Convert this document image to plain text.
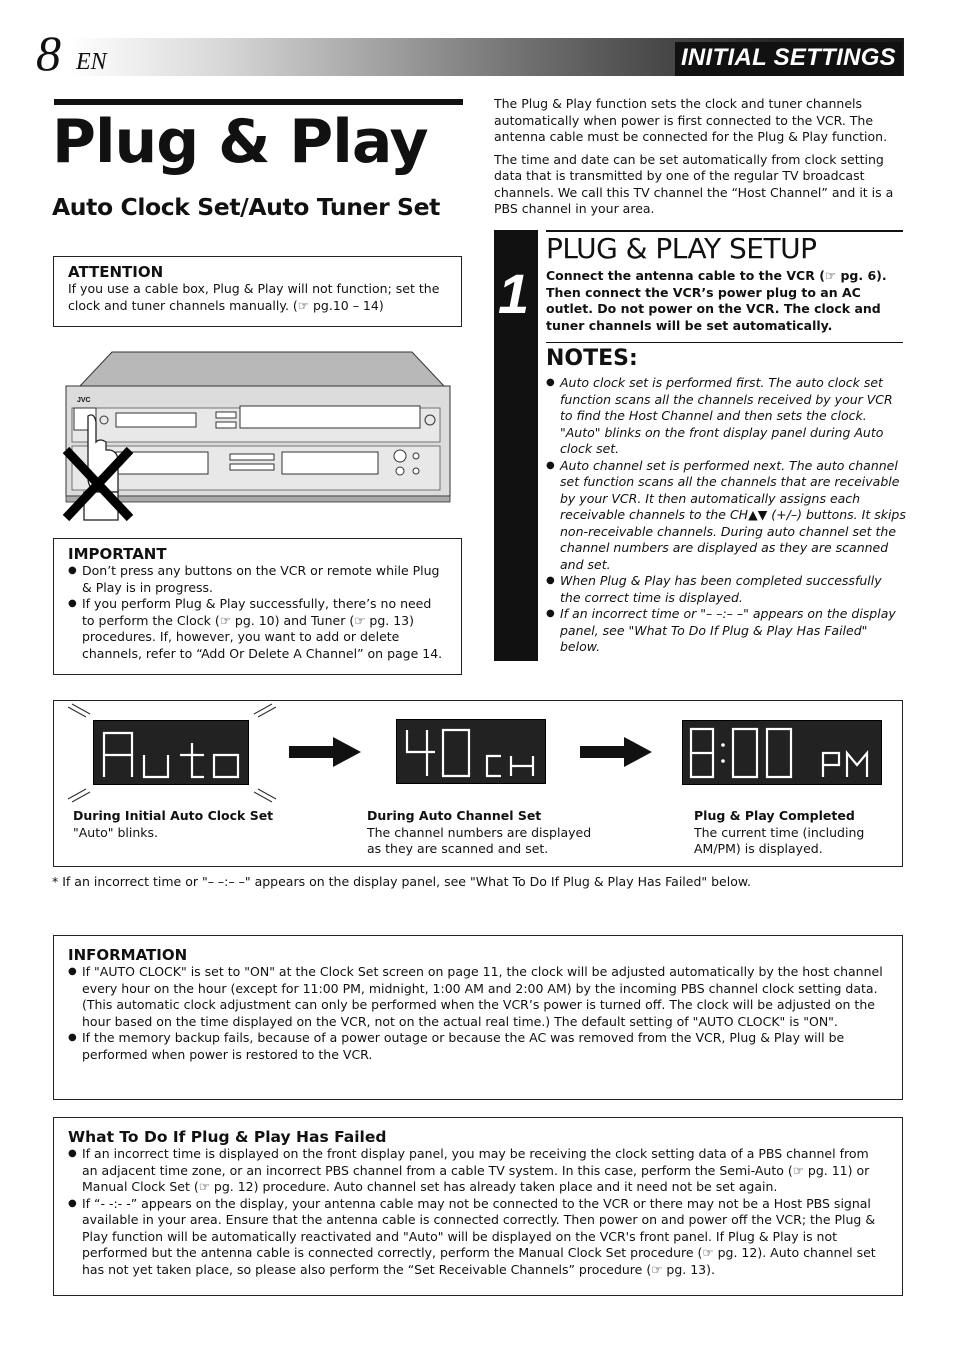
8 EN	INITIAL SETTINGS
Plug & Play
Auto Clock Set/Auto Tuner Set
ATTENTION

If you use a cable box, Plug & Play will not function; set the clock and tuner channels manually. (☞ pg.10 – 14)

JVC
IMPORTANT
● Don’t press any buttons on the VCR or remote while Plug & Play is in progress.
● If you perform Plug & Play successfully, there’s no need to perform the Clock (☞ pg. 10) and Tuner (☞ pg. 13) procedures. If, however, you want to add or delete channels, refer to “Add Or Delete A Channel” on page 14.

The Plug & Play function sets the clock and tuner channels automatically when power is first connected to the VCR. The antenna cable must be connected for the Plug & Play function.

The time and date can be set automatically from clock setting data that is transmitted by one of the regular TV broadcast channels. We call this TV channel the “Host Channel” and it is a PBS channel in your area.

1
PLUG & PLAY SETUP

Connect the antenna cable to the VCR (☞ pg. 6). Then connect the VCR’s power plug to an AC outlet. Do not power on the VCR. The clock and tuner channels will be set automatically.

NOTES:
● Auto clock set is performed first. The auto clock set function scans all the channels received by your VCR to find the Host Channel and then sets the clock. "Auto" blinks on the front display panel during Auto clock set.
● Auto channel set is performed next. The auto channel set function scans all the channels that are receivable by your VCR. It then automatically assigns each receivable channels to the CH▲▼ (+/–) buttons. It skips non-receivable channels. During auto channel set the channel numbers are displayed as they are scanned and set.
● When Plug & Play has been completed successfully the correct time is displayed.
● If an incorrect time or "– –:– –" appears on the display panel, see "What To Do If Plug & Play Has Failed" below.
During Initial Auto Clock Set
"Auto" blinks.
During Auto Channel Set
The channel numbers are displayed as they are scanned and set.
Plug & Play Completed
The current time (including AM/PM) is displayed.

* If an incorrect time or "– –:– –" appears on the display panel, see "What To Do If Plug & Play Has Failed" below.

INFORMATION
● If "AUTO CLOCK" is set to "ON" at the Clock Set screen on page 11, the clock will be adjusted automatically by the host channel every hour on the hour (except for 11:00 PM, midnight, 1:00 AM and 2:00 AM) by the incoming PBS channel clock setting data. (This automatic clock adjustment can only be performed when the VCR’s power is turned off. The clock will be adjusted on the hour based on the time displayed on the VCR, not on the actual real time.) The default setting of "AUTO CLOCK" is "ON".
● If the memory backup fails, because of a power outage or because the AC was removed from the VCR, Plug & Play will be performed when power is restored to the VCR.
What To Do If Plug & Play Has Failed
● If an incorrect time is displayed on the front display panel, you may be receiving the clock setting data of a PBS channel from an adjacent time zone, or an incorrect PBS channel from a cable TV system. In this case, perform the Semi-Auto (☞ pg. 11) or Manual Clock Set (☞ pg. 12) procedure. Auto channel set has already taken place and it need not be set again.
● If “- -:- -” appears on the display, your antenna cable may not be connected to the VCR or there may not be a Host PBS signal available in your area. Ensure that the antenna cable is connected correctly. Then power on and power off the VCR; the Plug & Play function will be automatically reactivated and "Auto" will be displayed on the VCR's front panel. If Plug & Play is not performed but the antenna cable is connected correctly, perform the Manual Clock Set procedure (☞ pg. 12). Auto channel set has not yet taken place, so please also perform the “Set Receivable Channels” procedure (☞ pg. 13).
